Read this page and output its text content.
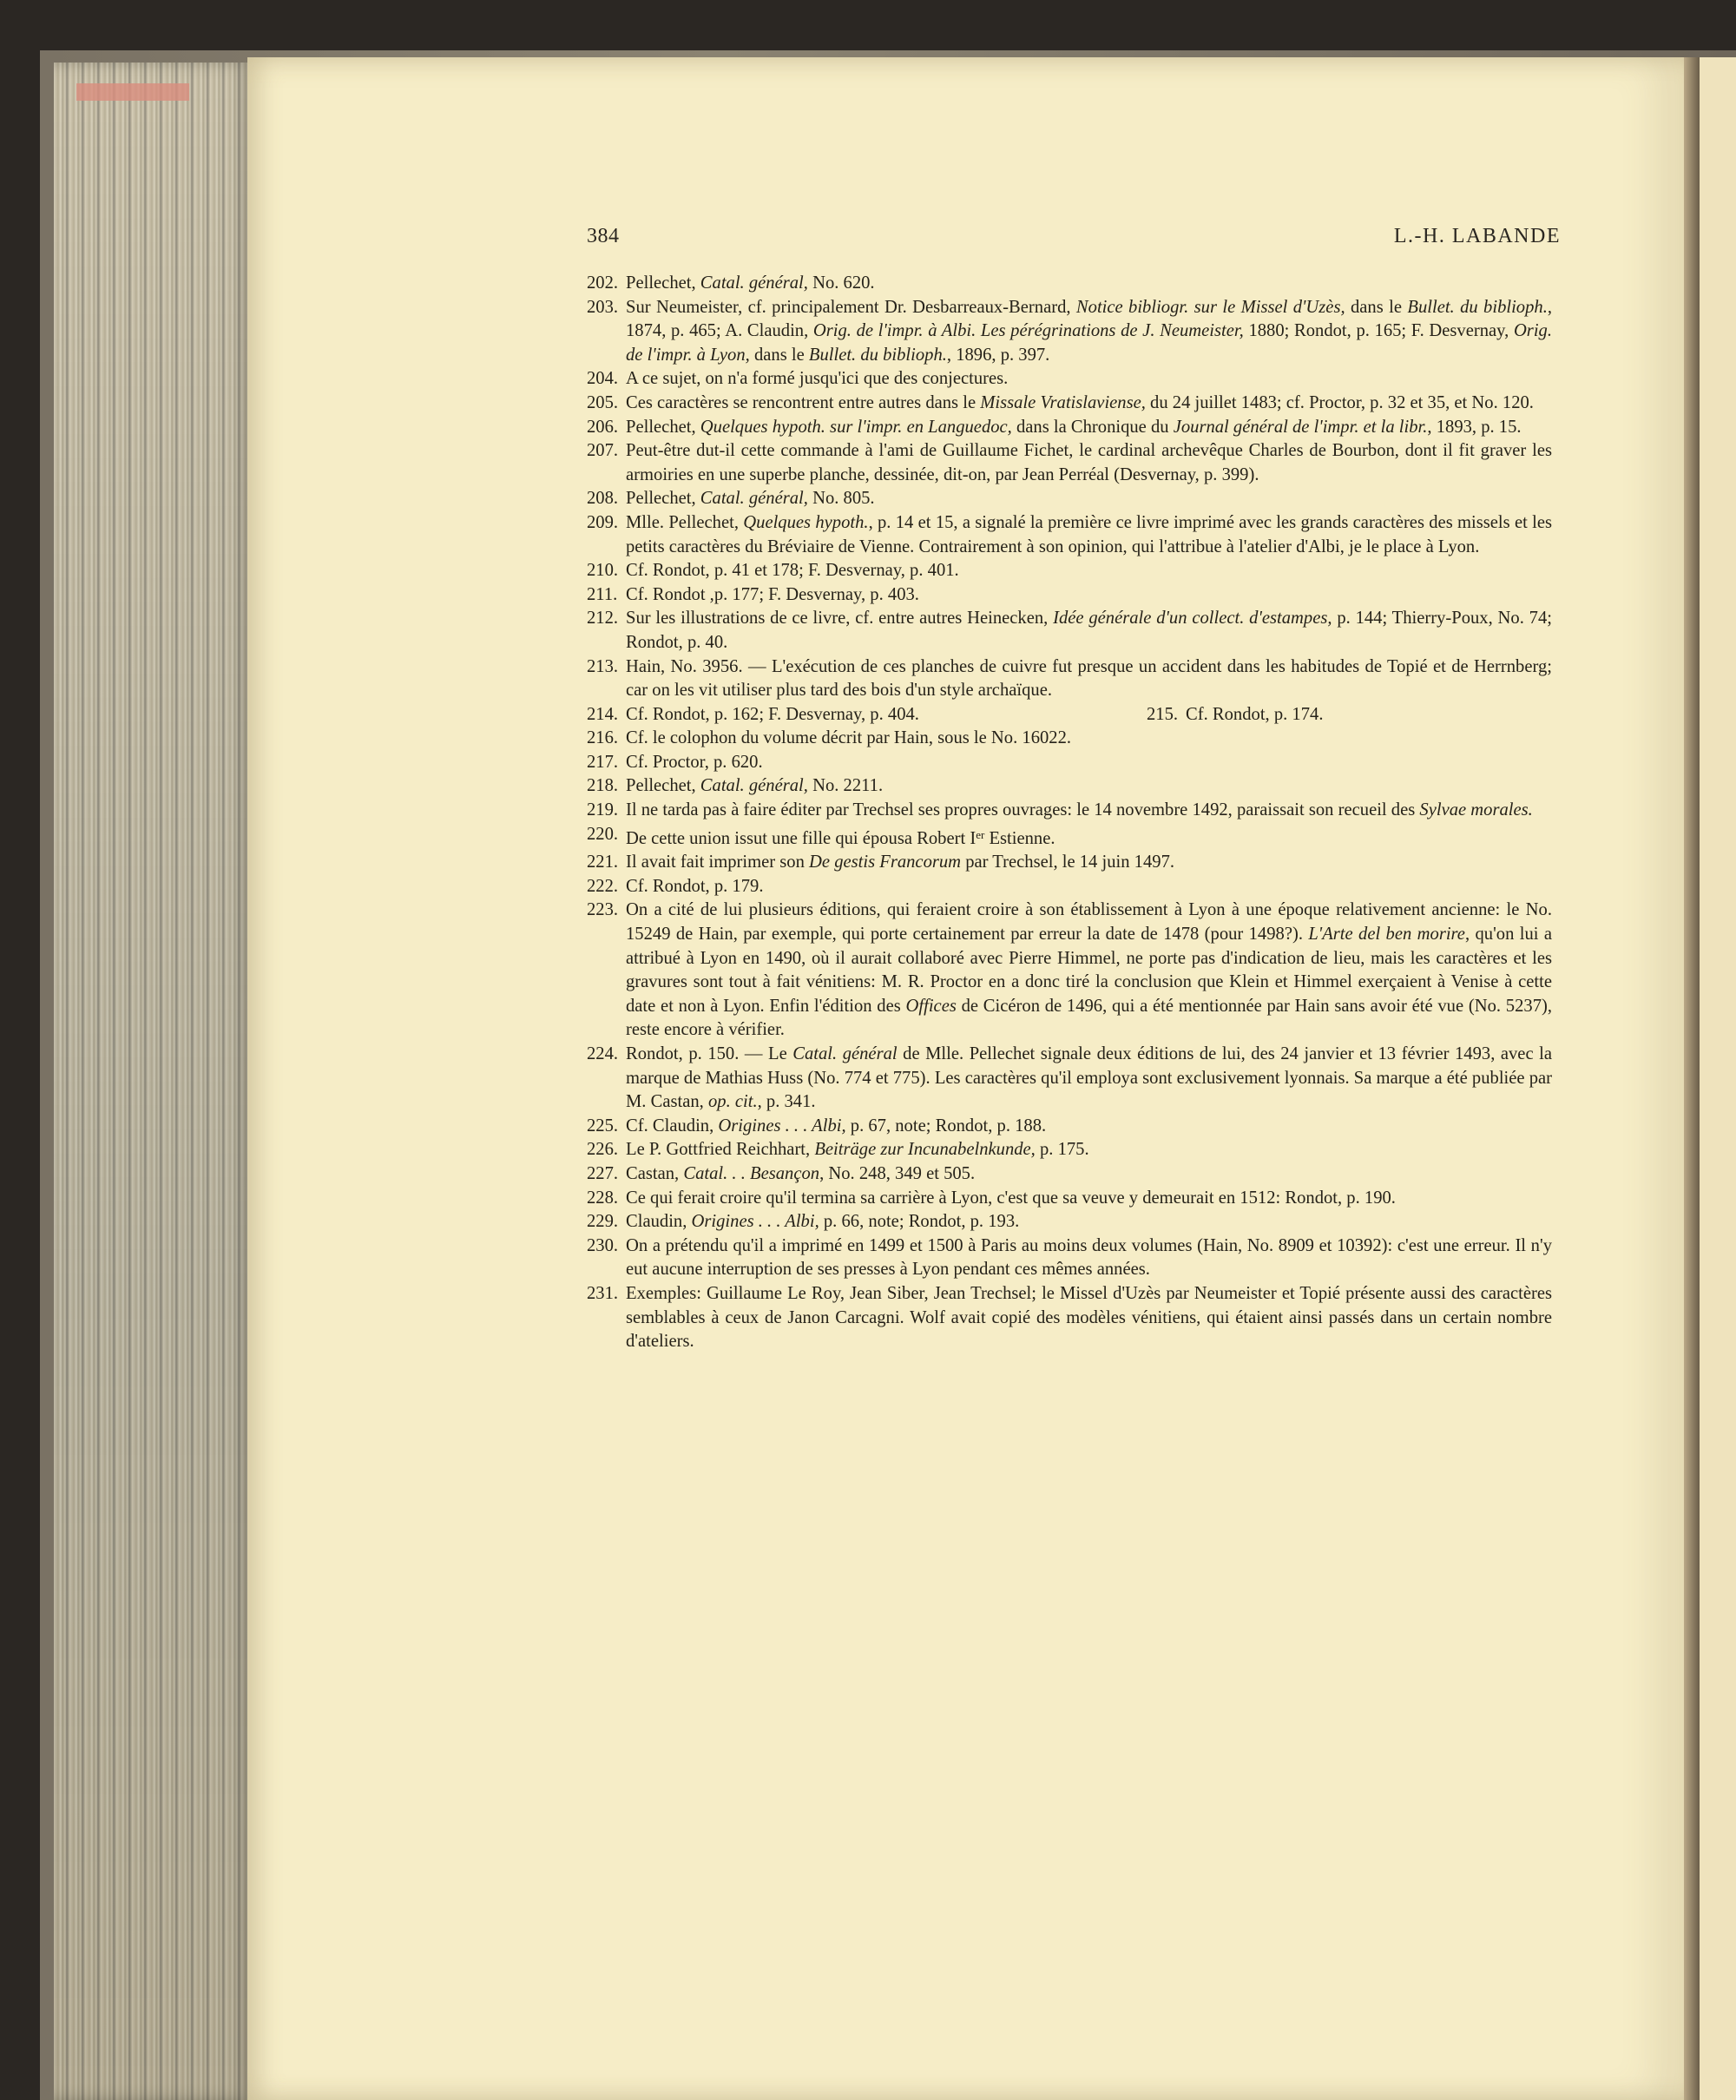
384	L.-H. LABANDE
202. Pellechet, Catal. général, No. 620.
203. Sur Neumeister, cf. principalement Dr. Desbarreaux-Bernard, Notice bibliogr. sur le Missel d'Uzès, dans le Bullet. du biblioph., 1874, p. 465; A. Claudin, Orig. de l'impr. à Albi. Les pérégrinations de J. Neumeister, 1880; Rondot, p. 165; F. Desvernay, Orig. de l'impr. à Lyon, dans le Bullet. du biblioph., 1896, p. 397.
204. A ce sujet, on n'a formé jusqu'ici que des conjectures.
205. Ces caractères se rencontrent entre autres dans le Missale Vratislaviense, du 24 juillet 1483; cf. Proctor, p. 32 et 35, et No. 120.
206. Pellechet, Quelques hypoth. sur l'impr. en Languedoc, dans la Chronique du Journal général de l'impr. et la libr., 1893, p. 15.
207. Peut-être dut-il cette commande à l'ami de Guillaume Fichet, le cardinal archevêque Charles de Bourbon, dont il fit graver les armoiries en une superbe planche, dessinée, dit-on, par Jean Perréal (Desvernay, p. 399).
208. Pellechet, Catal. général, No. 805.
209. Mlle. Pellechet, Quelques hypoth., p. 14 et 15, a signalé la première ce livre imprimé avec les grands caractères des missels et les petits caractères du Bréviaire de Vienne. Contrairement à son opinion, qui l'attribue à l'atelier d'Albi, je le place à Lyon.
210. Cf. Rondot, p. 41 et 178; F. Desvernay, p. 401.
211. Cf. Rondot ,p. 177; F. Desvernay, p. 403.
212. Sur les illustrations de ce livre, cf. entre autres Heinecken, Idée générale d'un collect. d'estampes, p. 144; Thierry-Poux, No. 74; Rondot, p. 40.
213. Hain, No. 3956. — L'exécution de ces planches de cuivre fut presque un accident dans les habitudes de Topié et de Herrnberg; car on les vit utiliser plus tard des bois d'un style archaïque.
214. Cf. Rondot, p. 162; F. Desvernay, p. 404.	215. Cf. Rondot, p. 174.
216. Cf. le colophon du volume décrit par Hain, sous le No. 16022.
217. Cf. Proctor, p. 620.
218. Pellechet, Catal. général, No. 2211.
219. Il ne tarda pas à faire éditer par Trechsel ses propres ouvrages: le 14 novembre 1492, paraissait son recueil des Sylvae morales.
220. De cette union issut une fille qui épousa Robert Ier Estienne.
221. Il avait fait imprimer son De gestis Francorum par Trechsel, le 14 juin 1497.
222. Cf. Rondot, p. 179.
223. On a cité de lui plusieurs éditions, qui feraient croire à son établissement à Lyon à une époque relativement ancienne: le No. 15249 de Hain, par exemple, qui porte certainement par erreur la date de 1478 (pour 1498?). L'Arte del ben morire, qu'on lui a attribué à Lyon en 1490, où il aurait collaboré avec Pierre Himmel, ne porte pas d'indication de lieu, mais les caractères et les gravures sont tout à fait vénitiens: M. R. Proctor en a donc tiré la conclusion que Klein et Himmel exerçaient à Venise à cette date et non à Lyon. Enfin l'édition des Offices de Cicéron de 1496, qui a été mentionnée par Hain sans avoir été vue (No. 5237), reste encore à vérifier.
224. Rondot, p. 150. — Le Catal. général de Mlle. Pellechet signale deux éditions de lui, des 24 janvier et 13 février 1493, avec la marque de Mathias Huss (No. 774 et 775). Les caractères qu'il employa sont exclusivement lyonnais. Sa marque a été publiée par M. Castan, op. cit., p. 341.
225. Cf. Claudin, Origines . . . Albi, p. 67, note; Rondot, p. 188.
226. Le P. Gottfried Reichhart, Beiträge zur Incunabelnkunde, p. 175.
227. Castan, Catal. . . Besançon, No. 248, 349 et 505.
228. Ce qui ferait croire qu'il termina sa carrière à Lyon, c'est que sa veuve y demeurait en 1512: Rondot, p. 190.
229. Claudin, Origines . . . Albi, p. 66, note; Rondot, p. 193.
230. On a prétendu qu'il a imprimé en 1499 et 1500 à Paris au moins deux volumes (Hain, No. 8909 et 10392): c'est une erreur. Il n'y eut aucune interruption de ses presses à Lyon pendant ces mêmes années.
231. Exemples: Guillaume Le Roy, Jean Siber, Jean Trechsel; le Missel d'Uzès par Neumeister et Topié présente aussi des caractères semblables à ceux de Janon Carcagni. Wolf avait copié des modèles vénitiens, qui étaient ainsi passés dans un certain nombre d'ateliers.
